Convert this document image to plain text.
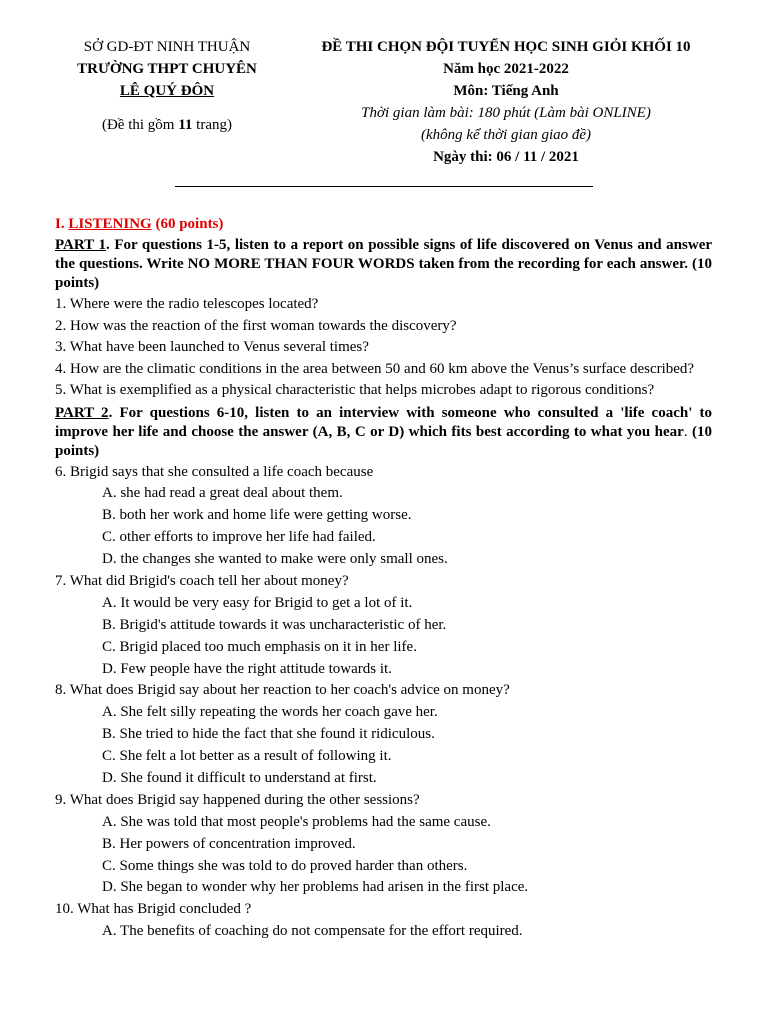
SỞ GD-ĐT NINH THUẬN
TRƯỜNG THPT CHUYÊN
LÊ QUÝ ĐÔN
(Đề thi gồm 11 trang)
ĐỀ THI CHỌN ĐỘI TUYỂN HỌC SINH GIỎI KHỐI 10
Năm học 2021-2022
Môn: Tiếng Anh
Thời gian làm bài: 180 phút (Làm bài ONLINE)
(không kể thời gian giao đề)
Ngày thi: 06 / 11 / 2021
I. LISTENING (60 points)
PART 1. For questions 1-5, listen to a report on possible signs of life discovered on Venus and answer the questions. Write NO MORE THAN FOUR WORDS taken from the recording for each answer. (10 points)
1. Where were the radio telescopes located?
2. How was the reaction of the first woman towards the discovery?
3. What have been launched to Venus several times?
4. How are the climatic conditions in the area between 50 and 60 km above the Venus’s surface described?
5. What is exemplified as a physical characteristic that helps microbes adapt to rigorous conditions?
PART 2. For questions 6-10, listen to an interview with someone who consulted a 'life coach' to improve her life and choose the answer (A, B, C or D) which fits best according to what you hear. (10 points)
6. Brigid says that she consulted a life coach because
A. she had read a great deal about them.
B. both her work and home life were getting worse.
C. other efforts to improve her life had failed.
D. the changes she wanted to make were only small ones.
7. What did Brigid's coach tell her about money?
A. It would be very easy for Brigid to get a lot of it.
B. Brigid's attitude towards it was uncharacteristic of her.
C. Brigid placed too much emphasis on it in her life.
D. Few people have the right attitude towards it.
8. What does Brigid say about her reaction to her coach's advice on money?
A. She felt silly repeating the words her coach gave her.
B. She tried to hide the fact that she found it ridiculous.
C. She felt a lot better as a result of following it.
D. She found it difficult to understand at first.
9. What does Brigid say happened during the other sessions?
A. She was told that most people's problems had the same cause.
B. Her powers of concentration improved.
C. Some things she was told to do proved harder than others.
D. She began to wonder why her problems had arisen in the first place.
10. What has Brigid concluded ?
A. The benefits of coaching do not compensate for the effort required.
